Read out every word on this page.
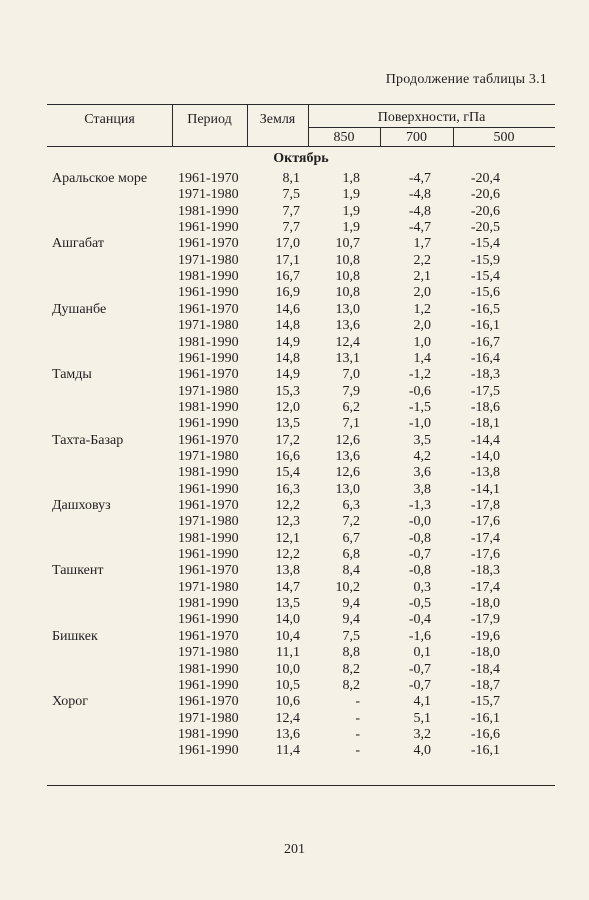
Продолжение таблицы 3.1
Станция	Период	Земля	Поверхности, гПа
850	700	500
Октябрь
Аральское море 1961-1970	8,1	1,8	-4,7	-20,4
1971-1980	7,5	1,9	-4,8	-20,6
1981-1990	7,7	1,9	-4,8	-20,6
1961-1990	7,7	1,9	-4,7	-20,5
Ашгабат	1961-1970	17,0	10,7	1,7	-15,4
1971-1980	17,1	10,8	2,2	-15,9
1981-1990	16,7	10,8	2,1	-15,4
1961-1990	16,9	10,8	2,0	-15,6
Душанбе	1961-1970	14,6	13,0	1,2	-16,5
1971-1980	14,8	13,6	2,0	-16,1
1981-1990	14,9	12,4	1,0	-16,7
1961-1990	14,8	13,1	1,4	-16,4
Тамды	1961-1970	14,9	7,0	-1,2	-18,3
1971-1980	15,3	7,9	-0,6	-17,5
1981-1990	12,0	6,2	-1,5	-18,6
1961-1990	13,5	7,1	-1,0	-18,1
Тахта-Базар	1961-1970	17,2	12,6	3,5	-14,4
1971-1980	16,6	13,6	4,2	-14,0
1981-1990	15,4	12,6	3,6	-13,8
1961-1990	16,3	13,0	3,8	-14,1
Дашховуз	1961-1970	12,2	6,3	-1,3	-17,8
1971-1980	12,3	7,2	-0,0	-17,6
1981-1990	12,1	6,7	-0,8	-17,4
1961-1990	12,2	6,8	-0,7	-17,6
Ташкент	1961-1970	13,8	8,4	-0,8	-18,3
1971-1980	14,7	10,2	0,3	-17,4
1981-1990	13,5	9,4	-0,5	-18,0
1961-1990	14,0	9,4	-0,4	-17,9
Бишкек	1961-1970	10,4	7,5	-1,6	-19,6
1971-1980	11,1	8,8	0,1	-18,0
1981-1990	10,0	8,2	-0,7	-18,4
1961-1990	10,5	8,2	-0,7	-18,7
Хорог	1961-1970	10,6	-	4,1	-15,7
1971-1980	12,4	-	5,1	-16,1
1981-1990	13,6	-	3,2	-16,6
1961-1990	11,4	-	4,0	-16,1
201
